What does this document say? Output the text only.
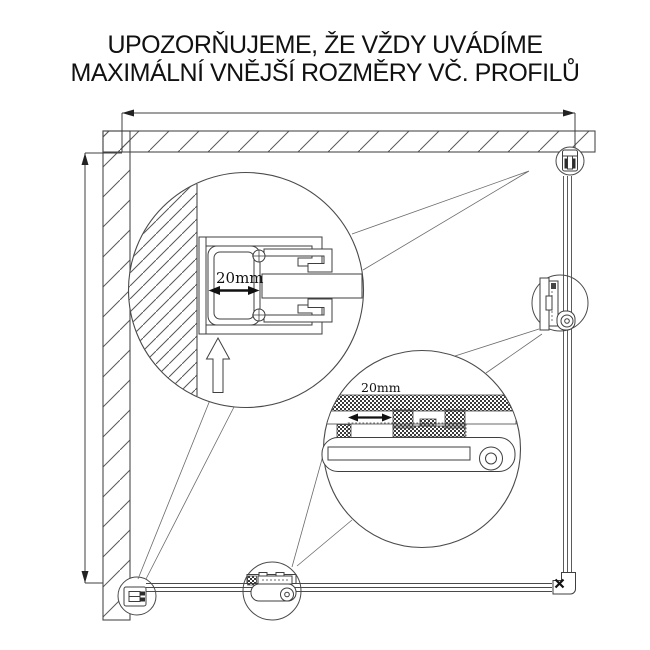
UPOZORŇUJEME, ŽE VŽDY UVÁDÍME
MAXIMÁLNÍ VNĚJŠÍ ROZMĚRY VČ. PROFILŮ
20mm
20mm
